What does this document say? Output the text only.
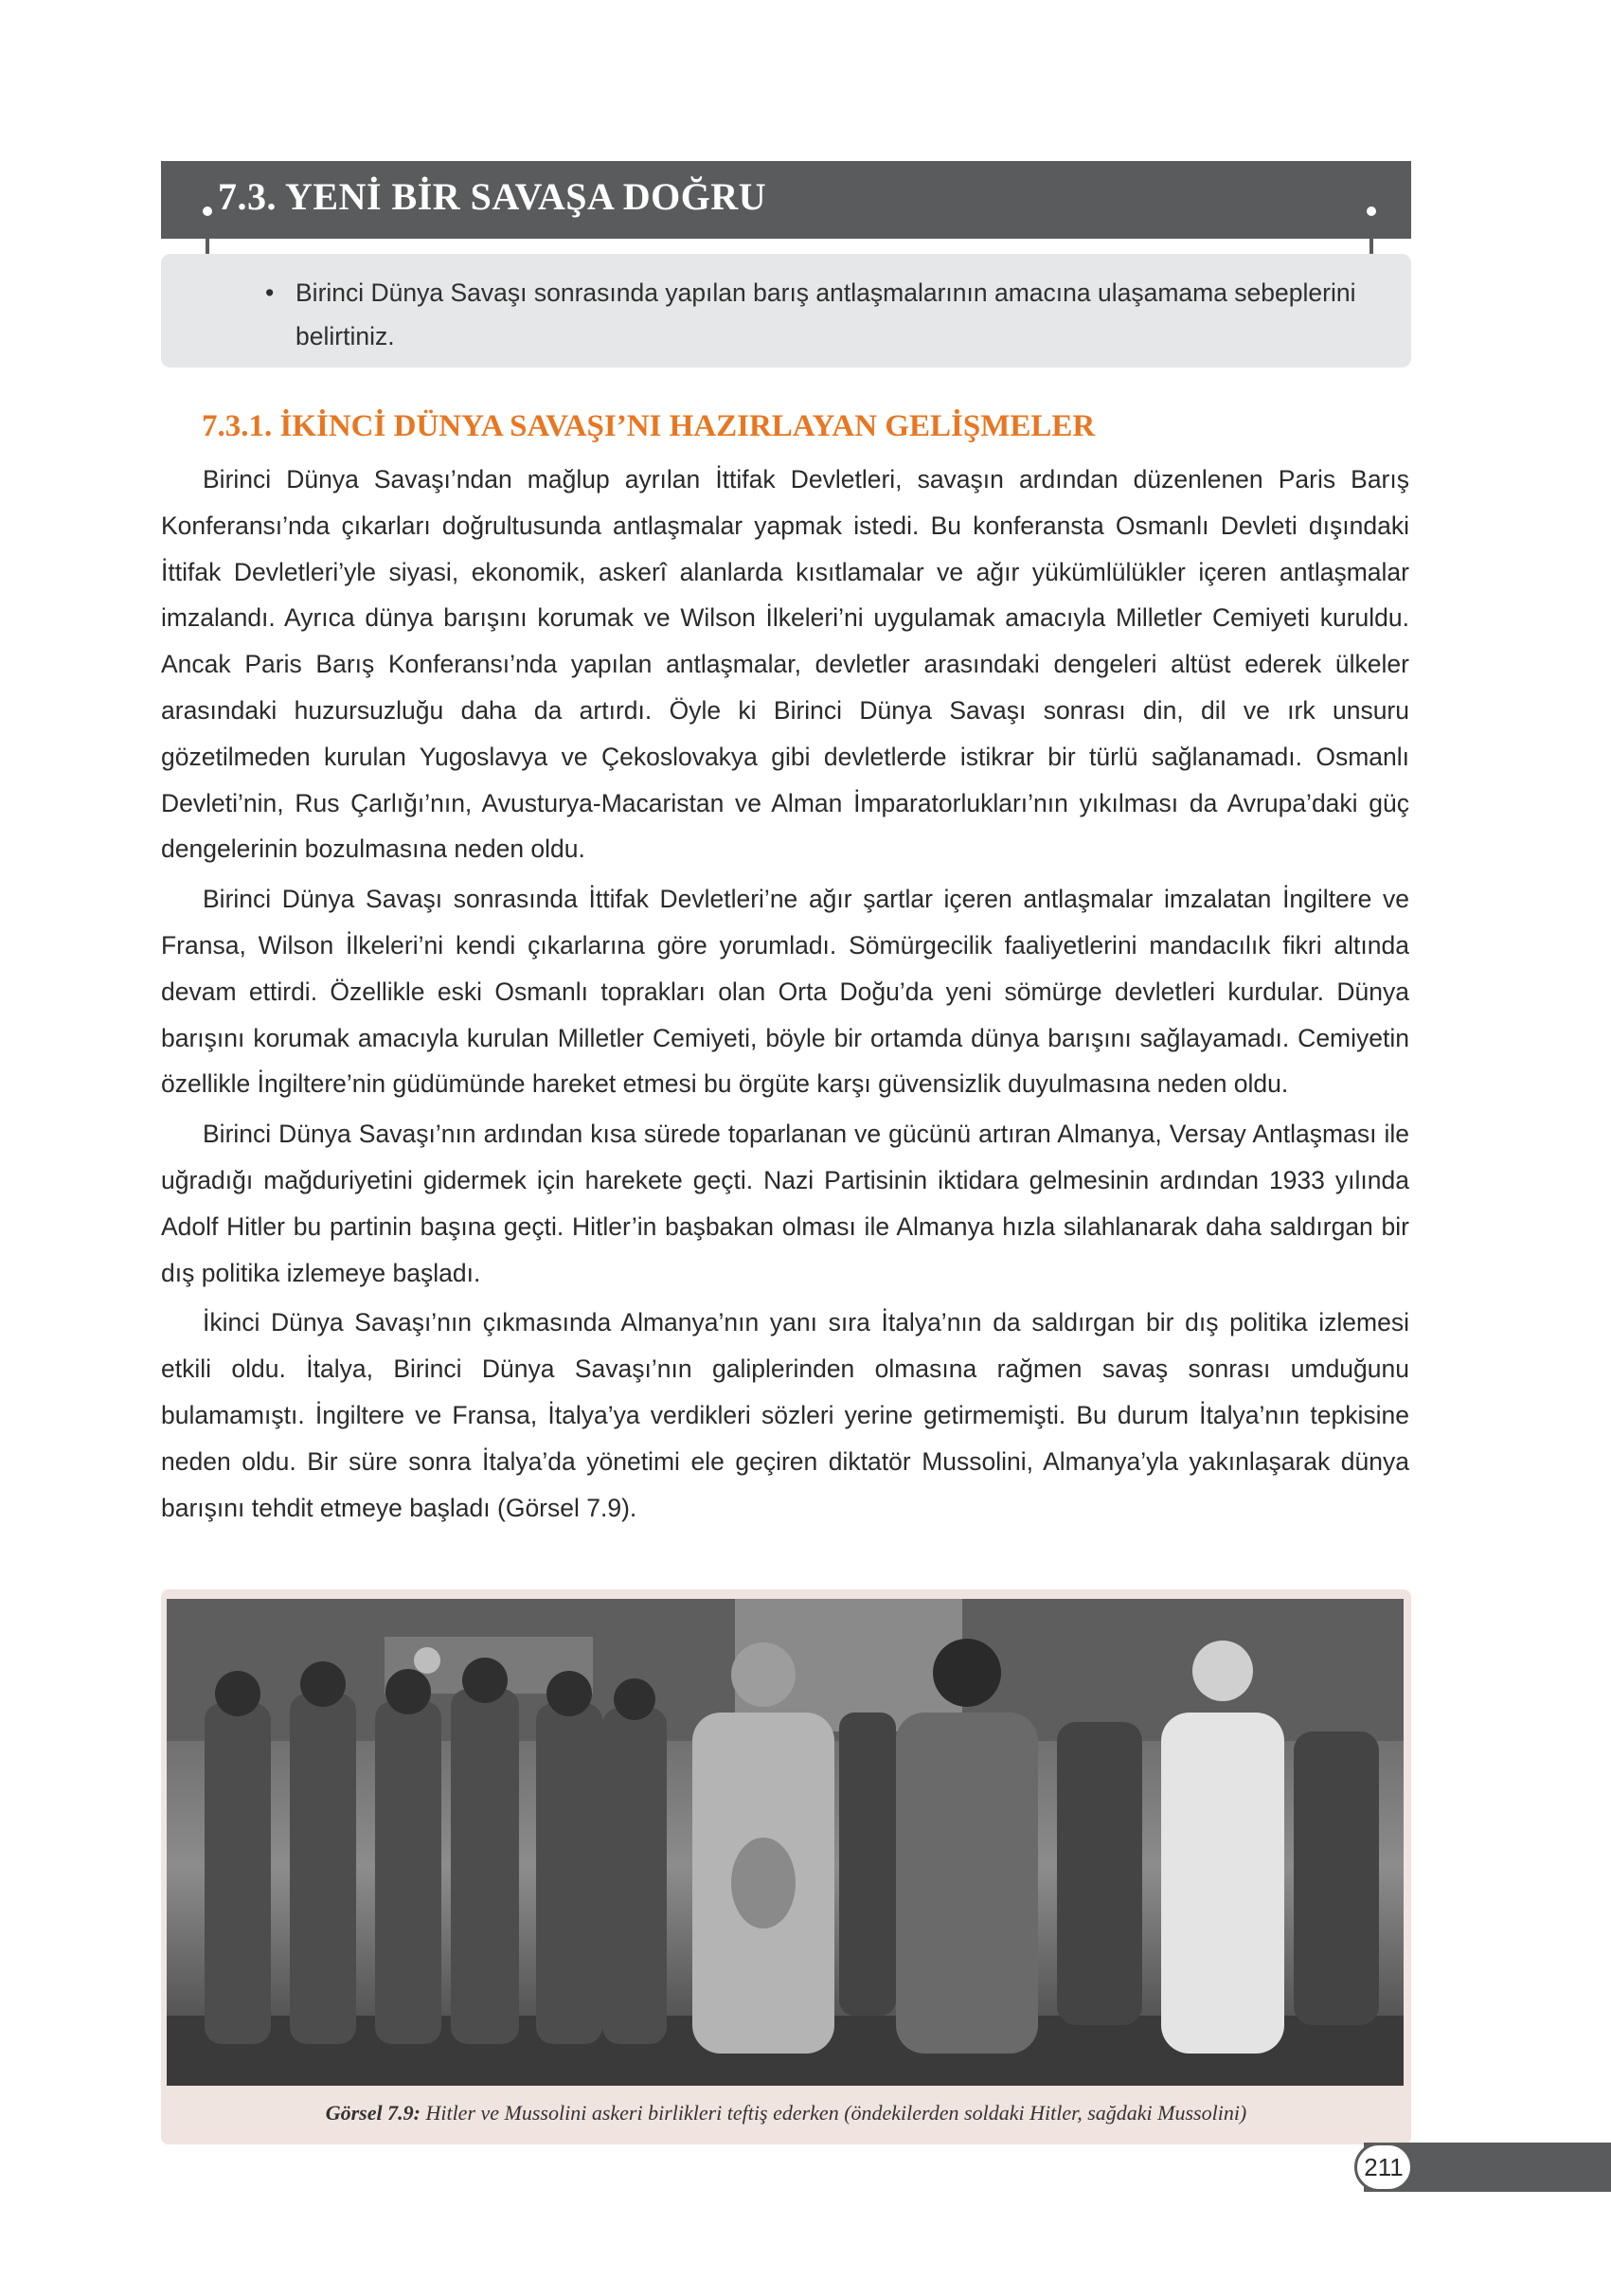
7.3. YENİ BİR SAVAŞA DOĞRU
• Birinci Dünya Savaşı sonrasında yapılan barış antlaşmalarının amacına ulaşamama sebeplerini belirtiniz.
7.3.1. İKİNCİ DÜNYA SAVAŞI’NI HAZIRLAYAN GELİŞMELER

Birinci Dünya Savaşı’ndan mağlup ayrılan İttifak Devletleri, savaşın ardından düzenlenen Paris Barış Konferansı’nda çıkarları doğrultusunda antlaşmalar yapmak istedi. Bu konferansta Osmanlı Devleti dışındaki İttifak Devletleri’yle siyasi, ekonomik, askerî alanlarda kısıtlamalar ve ağır yükümlülükler içeren antlaşmalar imzalandı. Ayrıca dünya barışını korumak ve Wilson İlkeleri’ni uygulamak amacıyla Milletler Cemiyeti kuruldu. Ancak Paris Barış Konferansı’nda yapılan antlaşmalar, devletler arasındaki dengeleri altüst ederek ülkeler arasındaki huzursuzluğu daha da artırdı. Öyle ki Birinci Dünya Savaşı sonrası din, dil ve ırk unsuru gözetilmeden kurulan Yugoslavya ve Çekoslovakya gibi devletlerde istikrar bir türlü sağlanamadı. Osmanlı Devleti’nin, Rus Çarlığı’nın, Avusturya-Macaristan ve Alman İmparatorlukları’nın yıkılması da Avrupa’daki güç dengelerinin bozulmasına neden oldu.

Birinci Dünya Savaşı sonrasında İttifak Devletleri’ne ağır şartlar içeren antlaşmalar imzalatan İngiltere ve Fransa, Wilson İlkeleri’ni kendi çıkarlarına göre yorumladı. Sömürgecilik faaliyetlerini mandacılık fikri altında devam ettirdi. Özellikle eski Osmanlı toprakları olan Orta Doğu’da yeni sömürge devletleri kurdular. Dünya barışını korumak amacıyla kurulan Milletler Cemiyeti, böyle bir ortamda dünya barışını sağlayamadı. Cemiyetin özellikle İngiltere’nin güdümünde hareket etmesi bu örgüte karşı güvensizlik duyulmasına neden oldu.

Birinci Dünya Savaşı’nın ardından kısa sürede toparlanan ve gücünü artıran Almanya, Versay Antlaşması ile uğradığı mağduriyetini gidermek için harekete geçti. Nazi Partisinin iktidara gelmesinin ardından 1933 yılında Adolf Hitler bu partinin başına geçti. Hitler’in başbakan olması ile Almanya hızla silahlanarak daha saldırgan bir dış politika izlemeye başladı.

İkinci Dünya Savaşı’nın çıkmasında Almanya’nın yanı sıra İtalya’nın da saldırgan bir dış politika izlemesi etkili oldu. İtalya, Birinci Dünya Savaşı’nın galiplerinden olmasına rağmen savaş sonrası umduğunu bulamamıştı. İngiltere ve Fransa, İtalya’ya verdikleri sözleri yerine getirmemişti. Bu durum İtalya’nın tepkisine neden oldu. Bir süre sonra İtalya’da yönetimi ele geçiren diktatör Mussolini, Almanya’yla yakınlaşarak dünya barışını tehdit etmeye başladı (Görsel 7.9).

Görsel 7.9: Hitler ve Mussolini askeri birlikleri teftiş ederken (öndekilerden soldaki Hitler, sağdaki Mussolini)
211
